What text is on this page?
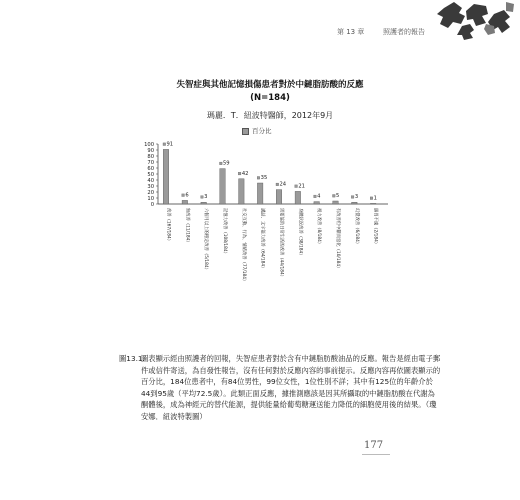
第 13 章	照護者的報告
失智症與其他記憶損傷患者對於中鏈脂肪酸的反應
(N=184)
瑪麗．T．紐波特醫師，2012年9月
百分比
0
10
20
30
40
50
60
70
80
90
100 91
改善（167/184）
6
無改善（11/184）
3
六個月以上的穩定改善（5/184）
59
記憶力改善（108/184）
42
社交互動、行為、情緒改善（77/184）
35
講話、文字能力改善（64/184）
24
需要協助日常生活的改善（44/184）
21
身體狀況改善（38/184）
4
視力改善（8/184）
5
有改善但中斷而惡化（10/184）
3
幻覺改善（6/184）
1
腸胃不適（2/184）
圖13.1.
圖表顯示經由照護者的回報，失智症患者對於含有中鏈脂肪酸油品的反應。報告是經由電子郵件或信件寄送，為自發性報告，沒有任何對於反應內容的事前提示。反應內容再依圖表顯示的百分比，184位患者中，有84位男性，99位女性，1位性別不詳；其中有125位的年齡介於44到95歲（平均72.5歲）。此類正面反應，據推測應該是因其所攝取的中鏈脂肪酸在代謝為酮體後，成為神經元的替代能源，提供能量給葡萄糖運送能力降低的細胞使用後的結果。（瓊安娜．紐波特製圖）
177
